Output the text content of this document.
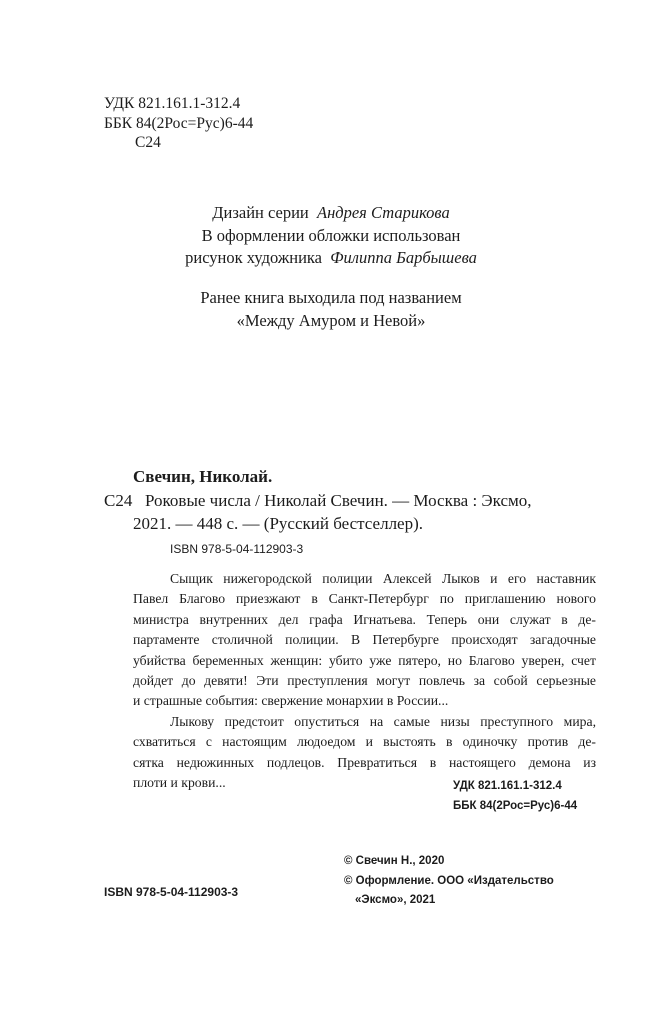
УДК 821.161.1-312.4
ББК 84(2Рос=Рус)6-44
С24
Дизайн серии Андрея Старикова
В оформлении обложки использован
рисунок художника Филиппа Барбышева
Ранее книга выходила под названием
«Между Амуром и Невой»
Свечин, Николай.
С24 Роковые числа / Николай Свечин. — Москва : Эксмо,
2021. — 448 с. — (Русский бестселлер).
ISBN 978-5-04-112903-3
Сыщик нижегородской полиции Алексей Лыков и его наставник
Павел Благово приезжают в Санкт-Петербург по приглашению нового
министра внутренних дел графа Игнатьева. Теперь они служат в де-
партаменте столичной полиции. В Петербурге происходят загадочные
убийства беременных женщин: убито уже пятеро, но Благово уверен, счет
дойдет до девяти! Эти преступления могут повлечь за собой серьезные
и страшные события: свержение монархии в России...
Лыкову предстоит опуститься на самые низы преступного мира,
схватиться с настоящим людоедом и выстоять в одиночку против де-
сятка недюжинных подлецов. Превратиться в настоящего демона из
плоти и крови...	УДК 821.161.1-312.4
ББК 84(2Рос=Рус)6-44
© Свечин Н., 2020
© Оформление. ООО «Издательство
«Эксмо», 2021
ISBN 978-5-04-112903-3
